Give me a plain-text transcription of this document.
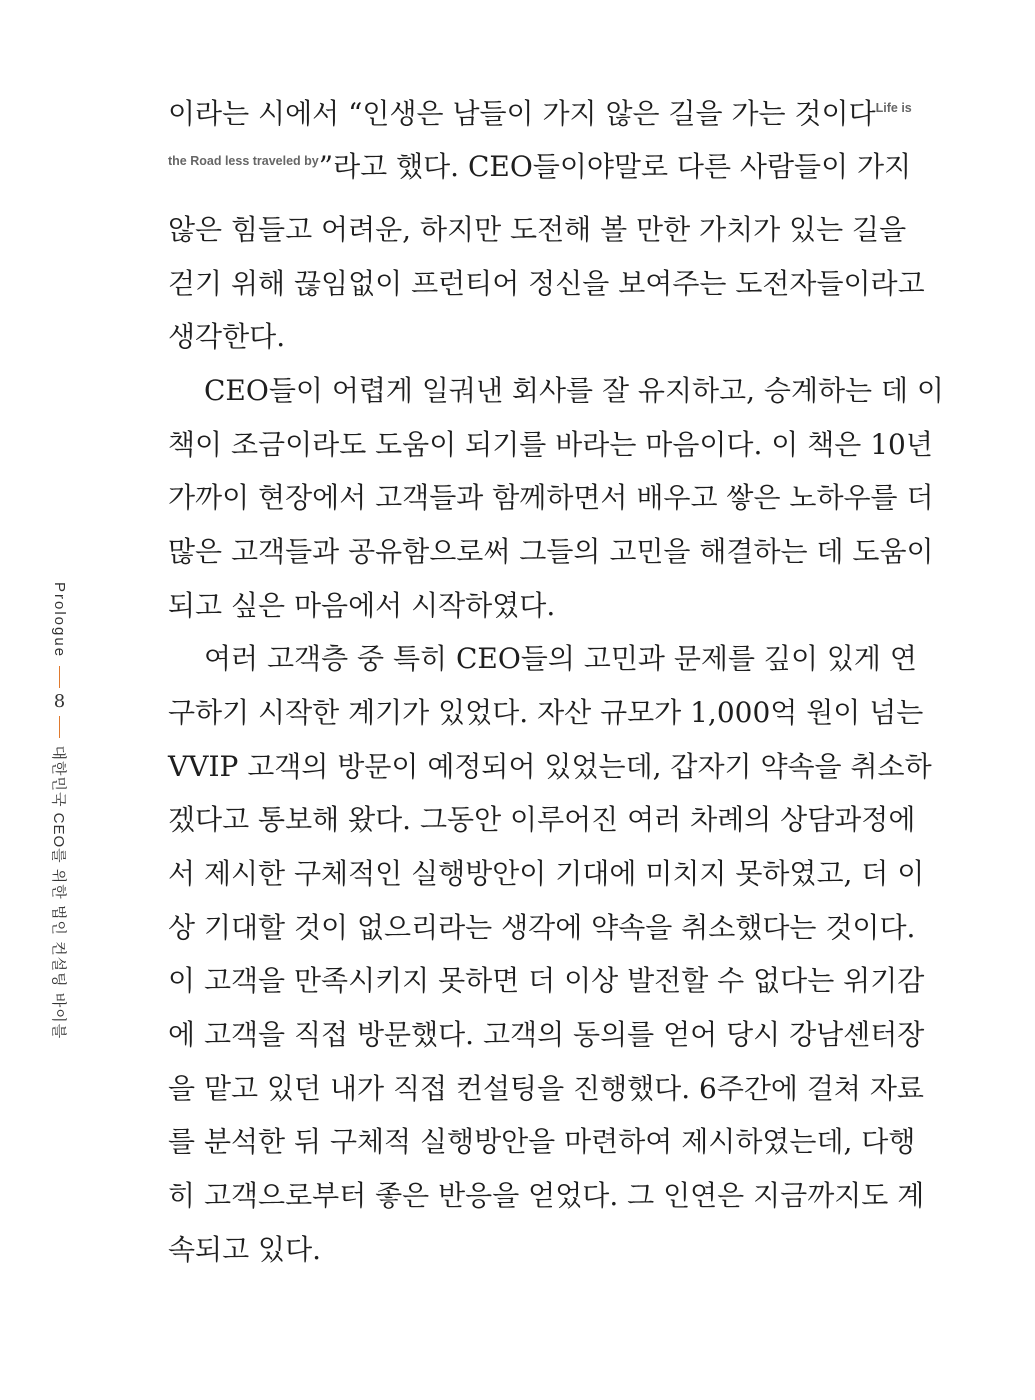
이라는 시에서 “인생은 남들이 가지 않은 길을 가는 것이다$^{Life is}$
$^{the Road less traveled by}$”라고 했다. CEO들이야말로 다른 사람들이 가지
않은 힘들고 어려운, 하지만 도전해 볼 만한 가치가 있는 길을
걷기 위해 끊임없이 프런티어 정신을 보여주는 도전자들이라고
생각한다.
CEO들이 어렵게 일궈낸 회사를 잘 유지하고, 승계하는 데 이
책이 조금이라도 도움이 되기를 바라는 마음이다. 이 책은 10년
가까이 현장에서 고객들과 함께하면서 배우고 쌓은 노하우를 더
많은 고객들과 공유함으로써 그들의 고민을 해결하는 데 도움이
되고 싶은 마음에서 시작하였다.
여러 고객층 중 특히 CEO들의 고민과 문제를 깊이 있게 연
구하기 시작한 계기가 있었다. 자산 규모가 1,000억 원이 넘는
VVIP 고객의 방문이 예정되어 있었는데, 갑자기 약속을 취소하
겠다고 통보해 왔다. 그동안 이루어진 여러 차례의 상담과정에
서 제시한 구체적인 실행방안이 기대에 미치지 못하였고, 더 이
상 기대할 것이 없으리라는 생각에 약속을 취소했다는 것이다.
이 고객을 만족시키지 못하면 더 이상 발전할 수 없다는 위기감
에 고객을 직접 방문했다. 고객의 동의를 얻어 당시 강남센터장
을 맡고 있던 내가 직접 컨설팅을 진행했다. 6주간에 걸쳐 자료
를 분석한 뒤 구체적 실행방안을 마련하여 제시하였는데, 다행
히 고객으로부터 좋은 반응을 얻었다. 그 인연은 지금까지도 계
속되고 있다.
Prologue
8
대한민국 CEO를 위한 법인 컨설팅 바이블
